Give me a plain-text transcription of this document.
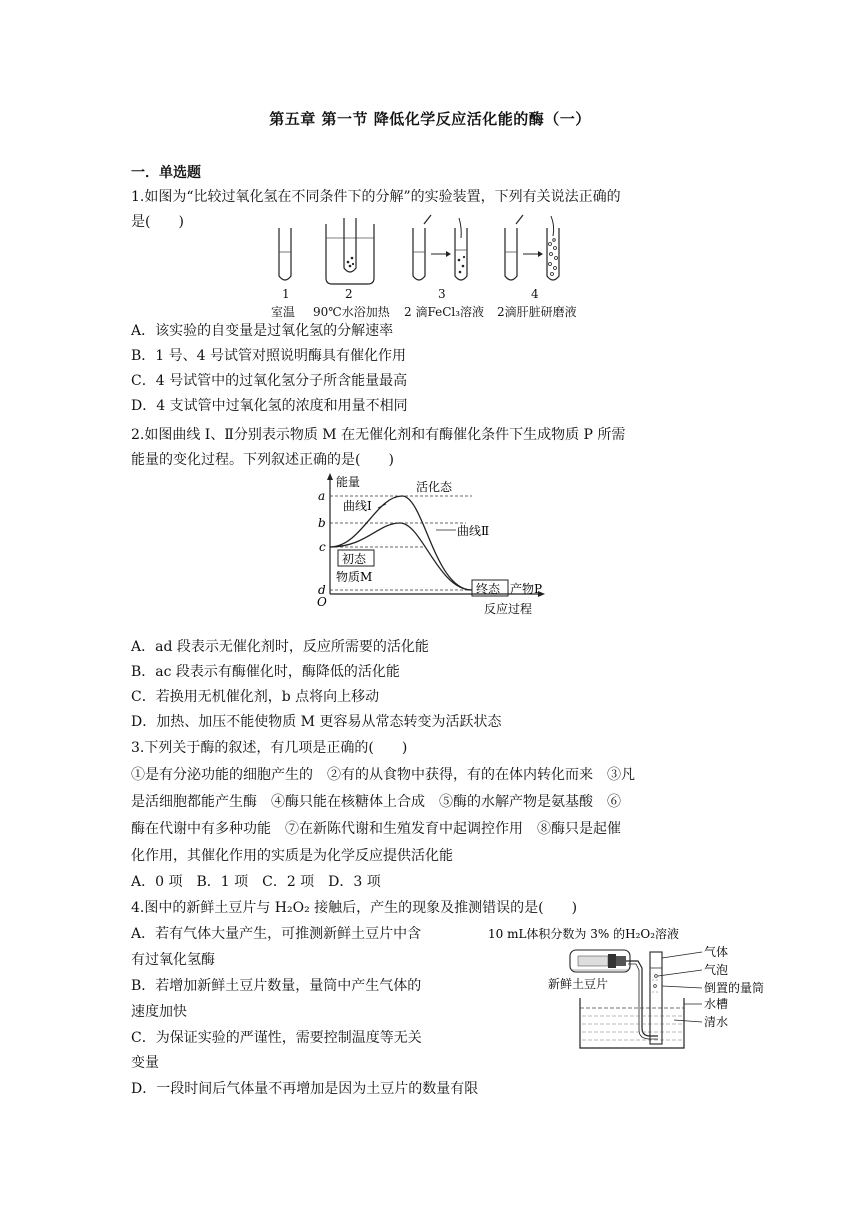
第五章 第一节 降低化学反应活化能的酶（一）
一．单选题
1.如图为“比较过氧化氢在不同条件下的分解”的实验装置，下列有关说法正确的
是(　　)
1	2	3	4
室温 90℃水浴加热 2 滴FeCl₃溶液 2滴肝脏研磨液
A．该实验的自变量是过氧化氢的分解速率
B．1 号、4 号试管对照说明酶具有催化作用
C．4 号试管中的过氧化氢分子所含能量最高
D．4 支试管中过氧化氢的浓度和用量不相同
2.如图曲线 Ⅰ、Ⅱ分别表示物质 M 在无催化剂和有酶催化条件下生成物质 P 所需
能量的变化过程。下列叙述正确的是(　　)
能量	活化态
曲线Ⅰ
曲线Ⅱ
初态
物质M
终态 产物P
反应过程
O
a
b
c
d
A．ad 段表示无催化剂时，反应所需要的活化能
B．ac 段表示有酶催化时，酶降低的活化能
C．若换用无机催化剂，b 点将向上移动
D．加热、加压不能使物质 M 更容易从常态转变为活跃状态
3.下列关于酶的叙述，有几项是正确的(　　)
①是有分泌功能的细胞产生的　②有的从食物中获得，有的在体内转化而来　③凡
是活细胞都能产生酶　④酶只能在核糖体上合成　⑤酶的水解产物是氨基酸　⑥
酶在代谢中有多种功能　⑦在新陈代谢和生殖发育中起调控作用　⑧酶只是起催
化作用，其催化作用的实质是为化学反应提供活化能
A．0 项　B．1 项　C．2 项　D．3 项
4.图中的新鲜土豆片与 H₂O₂ 接触后，产生的现象及推测错误的是(　　)
A．若有气体大量产生，可推测新鲜土豆片中含
有过氧化氢酶
B．若增加新鲜土豆片数量，量筒中产生气体的
速度加快
C．为保证实验的严谨性，需要控制温度等无关
变量
D．一段时间后气体量不再增加是因为土豆片的数量有限
10 mL体积分数为 3% 的H₂O₂溶液
新鲜土豆片
气体
气泡
倒置的量筒
水槽
清水
